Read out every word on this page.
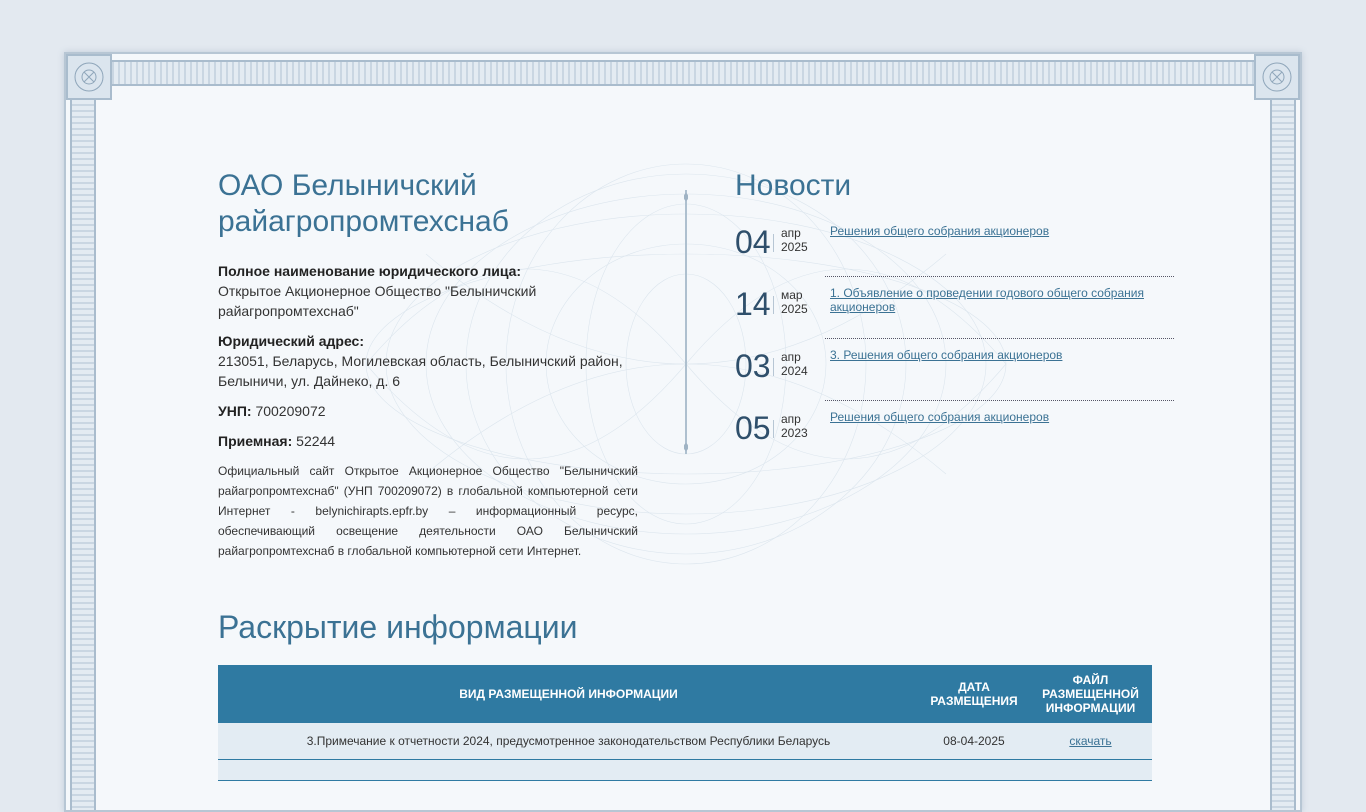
ОАО Белыничский райагропромтехснаб
Полное наименование юридического лица:
Открытое Акционерное Общество "Белыничский райагропромтехснаб"
Юридический адрес:
213051, Беларусь, Могилевская область, Белыничский район, Белыничи, ул. Дайнеко, д. 6
УНП: 700209072
Приемная: 52244
Официальный сайт Открытое Акционерное Общество "Белыничский райагропромтехснаб" (УНП 700209072) в глобальной компьютерной сети Интернет - belynichirapts.epfr.by – информационный ресурс, обеспечивающий освещение деятельности ОАО Белыничский райагропромтехснаб в глобальной компьютерной сети Интернет.
Новости
04 апр
2025
Решения общего собрания акционеров
14 мар
2025
1. Объявление о проведении годового общего собрания акционеров
03 апр
2024
3. Решения общего собрания акционеров
05 апр
2023
Решения общего собрания акционеров
Раскрытие информации
ВИД РАЗМЕЩЕННОЙ ИНФОРМАЦИИ	ДАТА РАЗМЕЩЕНИЯ	ФАЙЛ РАЗМЕЩЕННОЙ ИНФОРМАЦИИ
3.Примечание к отчетности 2024, предусмотренное законодательством Республики Беларусь	08-04-2025	скачать
